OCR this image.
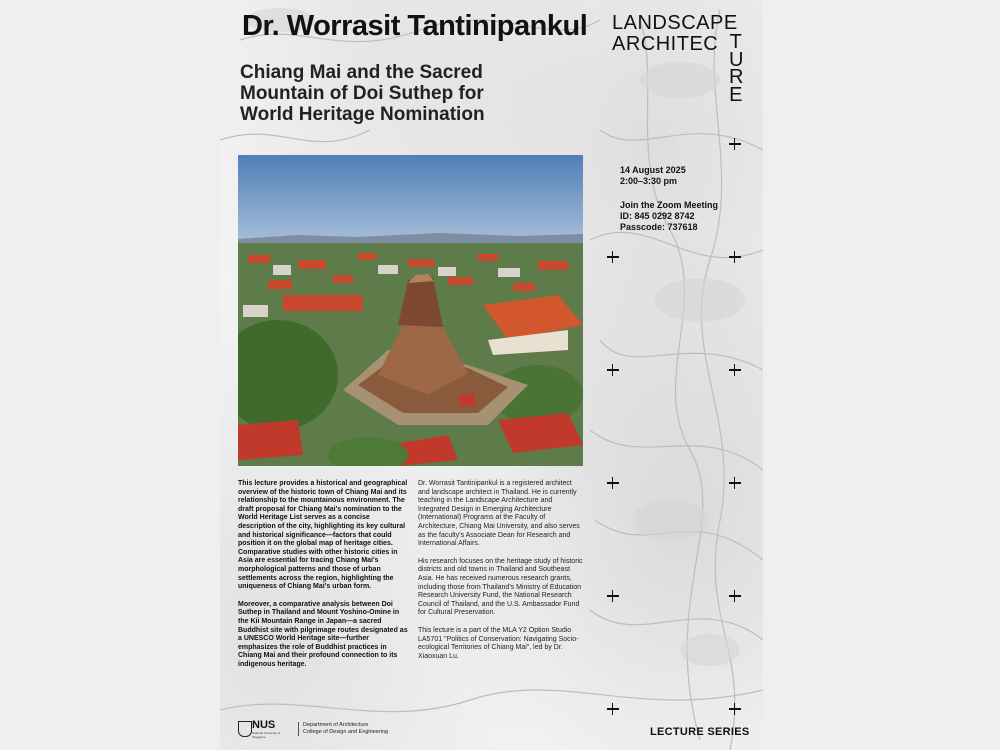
Dr. Worrasit Tantinipankul
Chiang Mai and the Sacred Mountain of Doi Suthep for World Heritage Nomination
LANDSCAPE
ARCHITEC T
U
R
E
14 August 2025
2:00–3:30 pm
Join the Zoom Meeting
ID: 845 0292 8742
Passcode: 737618

This lecture provides a historical and geographical overview of the historic town of Chiang Mai and its relationship to the mountainous environment. The draft proposal for Chiang Mai's nomination to the World Heritage List serves as a concise description of the city, highlighting its key cultural and historical significance—factors that could position it on the global map of heritage cities. Comparative studies with other historic cities in Asia are essential for tracing Chiang Mai's morphological patterns and those of urban settlements across the region, highlighting the uniqueness of Chiang Mai's urban form.

Moreover, a comparative analysis between Doi Suthep in Thailand and Mount Yoshino-Omine in the Kii Mountain Range in Japan—a sacred Buddhist site with pilgrimage routes designated as a UNESCO World Heritage site—further emphasizes the role of Buddhist practices in Chiang Mai and their profound connection to its indigenous heritage.

Dr. Worrasit Tantinipankul is a registered architect and landscape architect in Thailand. He is currently teaching in the Landscape Architecture and Integrated Design in Emerging Architecture (International) Programs at the Faculty of Architecture, Chiang Mai University, and also serves as the faculty's Associate Dean for Research and International Affairs.

His research focuses on the heritage study of historic districts and old towns in Thailand and Southeast Asia. He has received numerous research grants, including those from Thailand's Ministry of Education Research University Fund, the National Research Council of Thailand, and the U.S. Ambassador Fund for Cultural Preservation.

This lecture is a part of the MLA Y2 Option Studio LA5701 "Politics of Conservation: Navigating Socio-ecological Territories of Chiang Mai", led by Dr. Xiaoxuan Lu.

NUS
National University of Singapore
Department of Architecture
College of Design and Engineering	LECTURE SERIES
